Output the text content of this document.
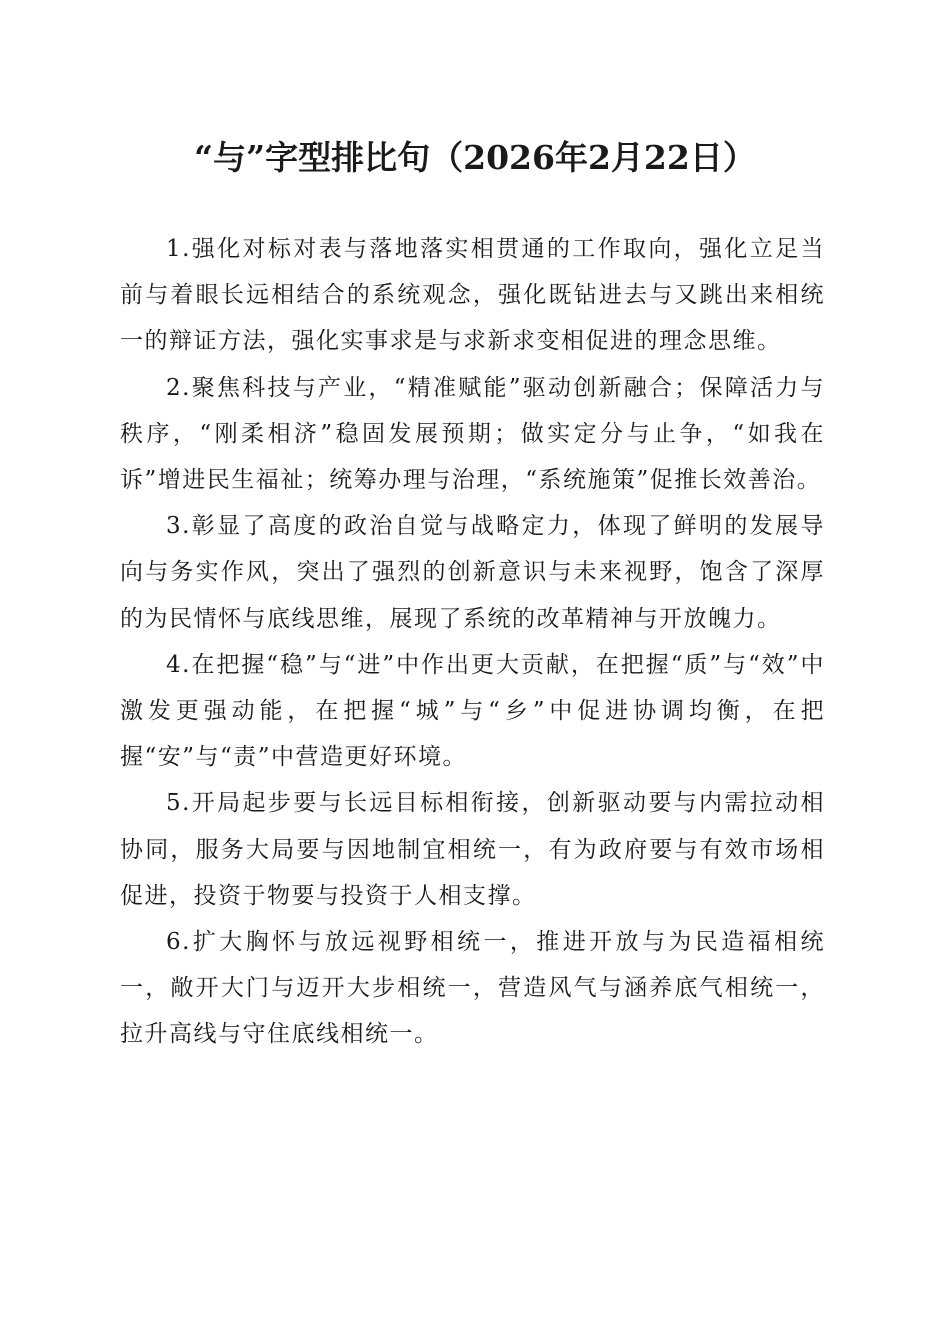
“与”字型排比句（2026年2月22日）

1.强化对标对表与落地落实相贯通的工作取向，强化立足当前与着眼长远相结合的系统观念，强化既钻进去与又跳出来相统一的辩证方法，强化实事求是与求新求变相促进的理念思维。

2.聚焦科技与产业，“精准赋能”驱动创新融合；保障活力与秩序，“刚柔相济”稳固发展预期；做实定分与止争，“如我在诉”增进民生福祉；统筹办理与治理，“系统施策”促推长效善治。

3.彰显了高度的政治自觉与战略定力，体现了鲜明的发展导向与务实作风，突出了强烈的创新意识与未来视野，饱含了深厚的为民情怀与底线思维，展现了系统的改革精神与开放魄力。

4.在把握“稳”与“进”中作出更大贡献，在把握“质”与“效”中激发更强动能，在把握“城”与“乡”中促进协调均衡，在把握“安”与“责”中营造更好环境。

5.开局起步要与长远目标相衔接，创新驱动要与内需拉动相协同，服务大局要与因地制宜相统一，有为政府要与有效市场相促进，投资于物要与投资于人相支撑。

6.扩大胸怀与放远视野相统一，推进开放与为民造福相统一，敞开大门与迈开大步相统一，营造风气与涵养底气相统一，拉升高线与守住底线相统一。
